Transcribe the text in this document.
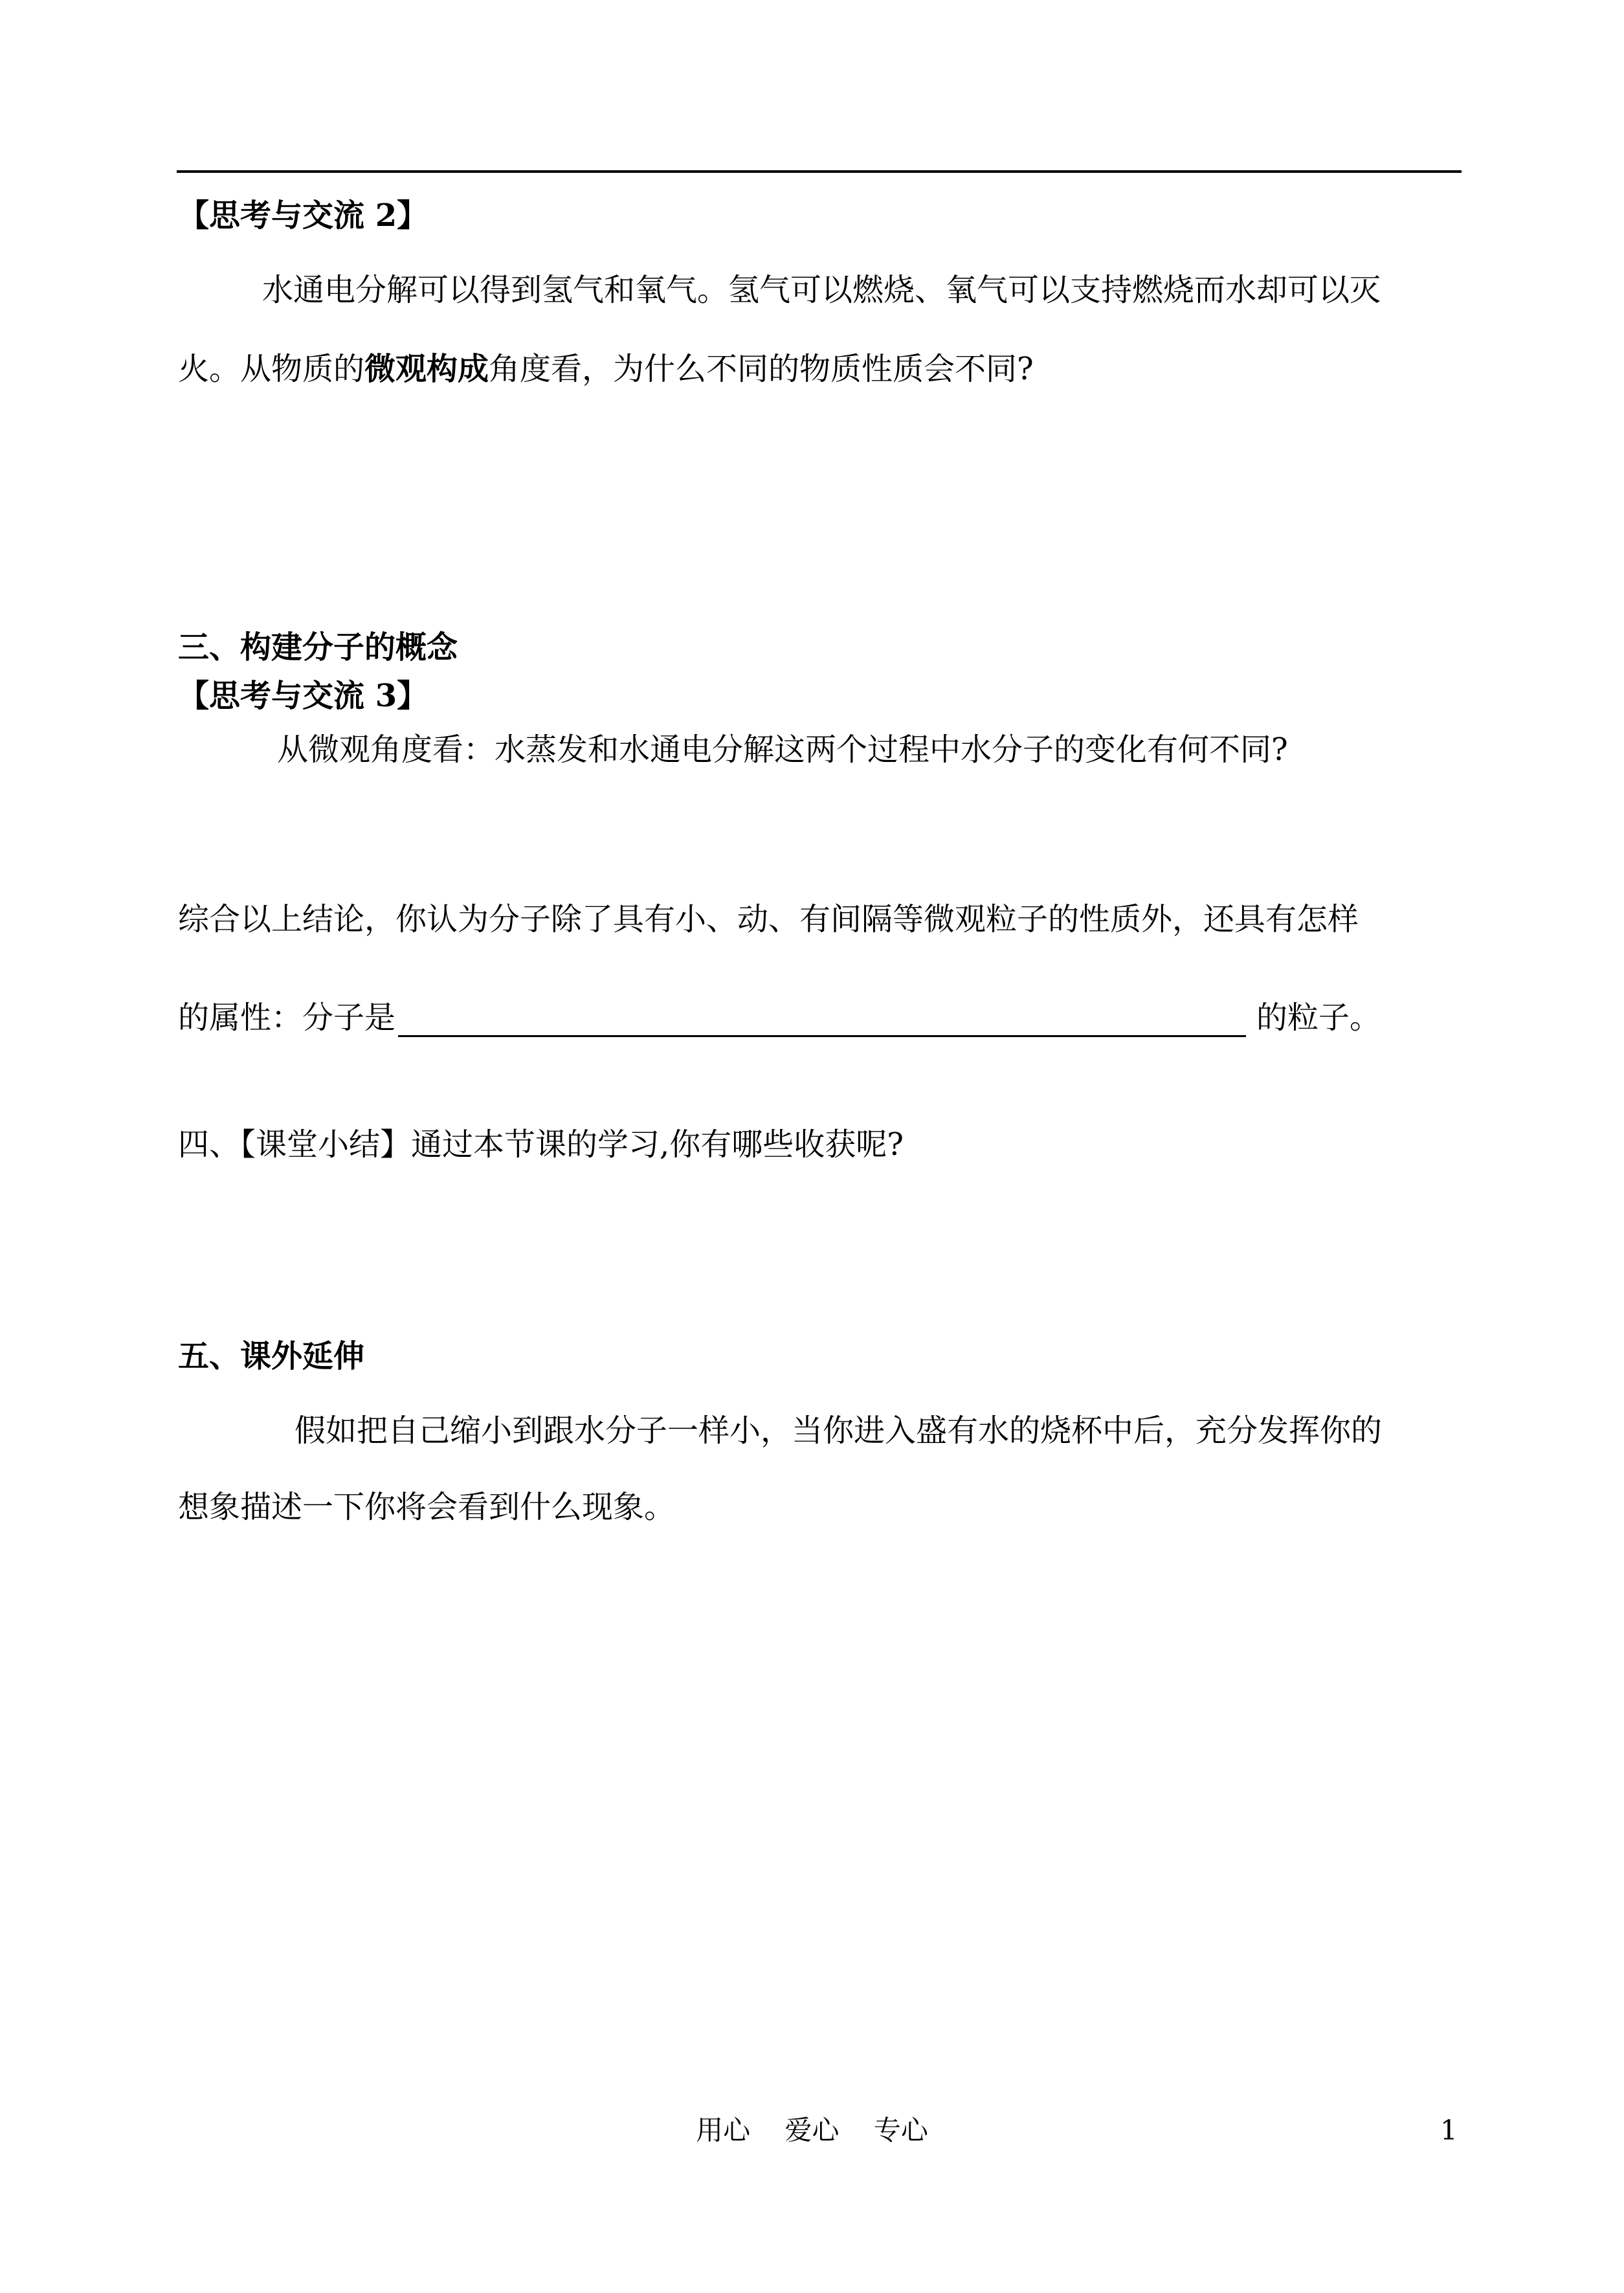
【思考与交流 2】
水通电分解可以得到氢气和氧气。氢气可以燃烧、氧气可以支持燃烧而水却可以灭
火。从物质的微观构成角度看，为什么不同的物质性质会不同?
三、构建分子的概念
【思考与交流 3】
从微观角度看：水蒸发和水通电分解这两个过程中水分子的变化有何不同?
综合以上结论，你认为分子除了具有小、动、有间隔等微观粒子的性质外，还具有怎样
的属性：分子是	的粒子。
四、【课堂小结】通过本节课的学习,你有哪些收获呢?
五、课外延伸
假如把自己缩小到跟水分子一样小，当你进入盛有水的烧杯中后，充分发挥你的
想象描述一下你将会看到什么现象。
用心    爱心    专心	1
